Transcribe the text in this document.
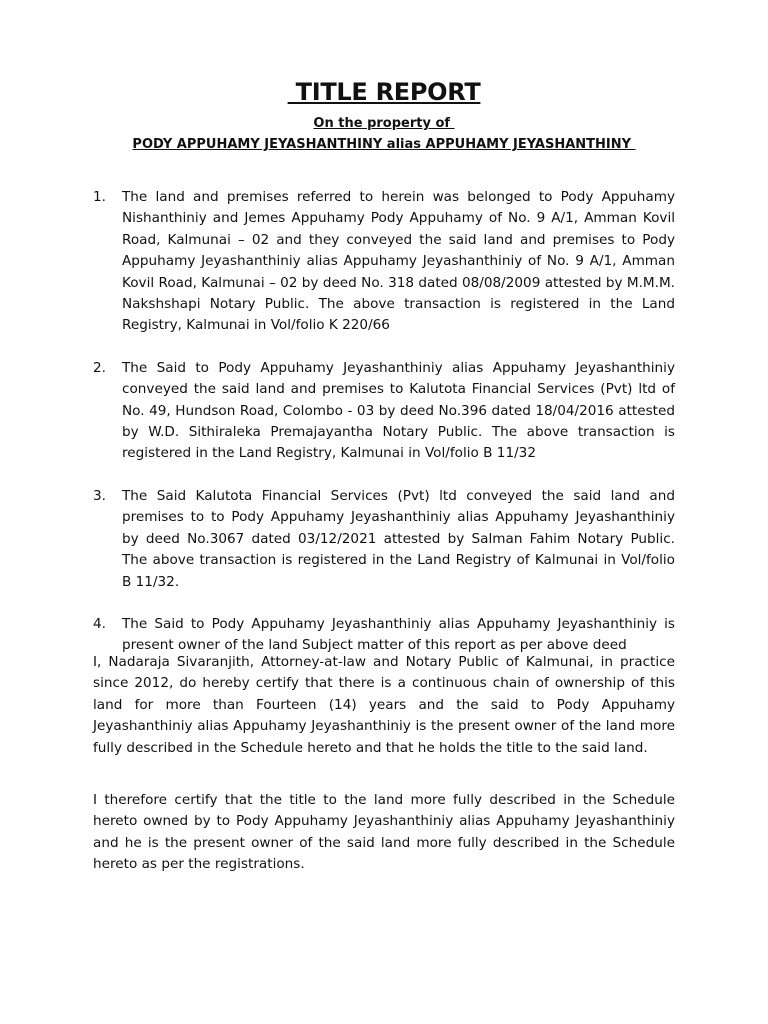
TITLE REPORT
On the property of
PODY APPUHAMY JEYASHANTHINY alias APPUHAMY JEYASHANTHINY
1. The land and premises referred to herein was belonged to Pody Appuhamy Nishanthiniy and Jemes Appuhamy Pody Appuhamy of No. 9 A/1, Amman Kovil Road, Kalmunai – 02 and they conveyed the said land and premises to Pody Appuhamy Jeyashanthiniy alias Appuhamy Jeyashanthiniy of No. 9 A/1, Amman Kovil Road, Kalmunai – 02 by deed No. 318 dated 08/08/2009 attested by M.M.M. Nakshshapi Notary Public. The above transaction is registered in the Land Registry, Kalmunai in Vol/folio K 220/66
2. The Said to Pody Appuhamy Jeyashanthiniy alias Appuhamy Jeyashanthiniy conveyed the said land and premises to Kalutota Financial Services (Pvt) ltd of No. 49, Hundson Road, Colombo - 03 by deed No.396 dated 18/04/2016 attested by W.D. Sithiraleka Premajayantha Notary Public. The above transaction is registered in the Land Registry, Kalmunai in Vol/folio B 11/32
3. The Said Kalutota Financial Services (Pvt) ltd conveyed the said land and premises to to Pody Appuhamy Jeyashanthiniy alias Appuhamy Jeyashanthiniy by deed No.3067 dated 03/12/2021 attested by Salman Fahim Notary Public. The above transaction is registered in the Land Registry of Kalmunai in Vol/folio B 11/32.
4. The Said to Pody Appuhamy Jeyashanthiniy alias Appuhamy Jeyashanthiniy is present owner of the land Subject matter of this report as per above deed

I, Nadaraja Sivaranjith, Attorney-at-law and Notary Public of Kalmunai, in practice since 2012, do hereby certify that there is a continuous chain of ownership of this land for more than Fourteen (14) years and the said to Pody Appuhamy Jeyashanthiniy alias Appuhamy Jeyashanthiniy is the present owner of the land more fully described in the Schedule hereto and that he holds the title to the said land.

I therefore certify that the title to the land more fully described in the Schedule hereto owned by to Pody Appuhamy Jeyashanthiniy alias Appuhamy Jeyashanthiniy and he is the present owner of the said land more fully described in the Schedule hereto as per the registrations.
